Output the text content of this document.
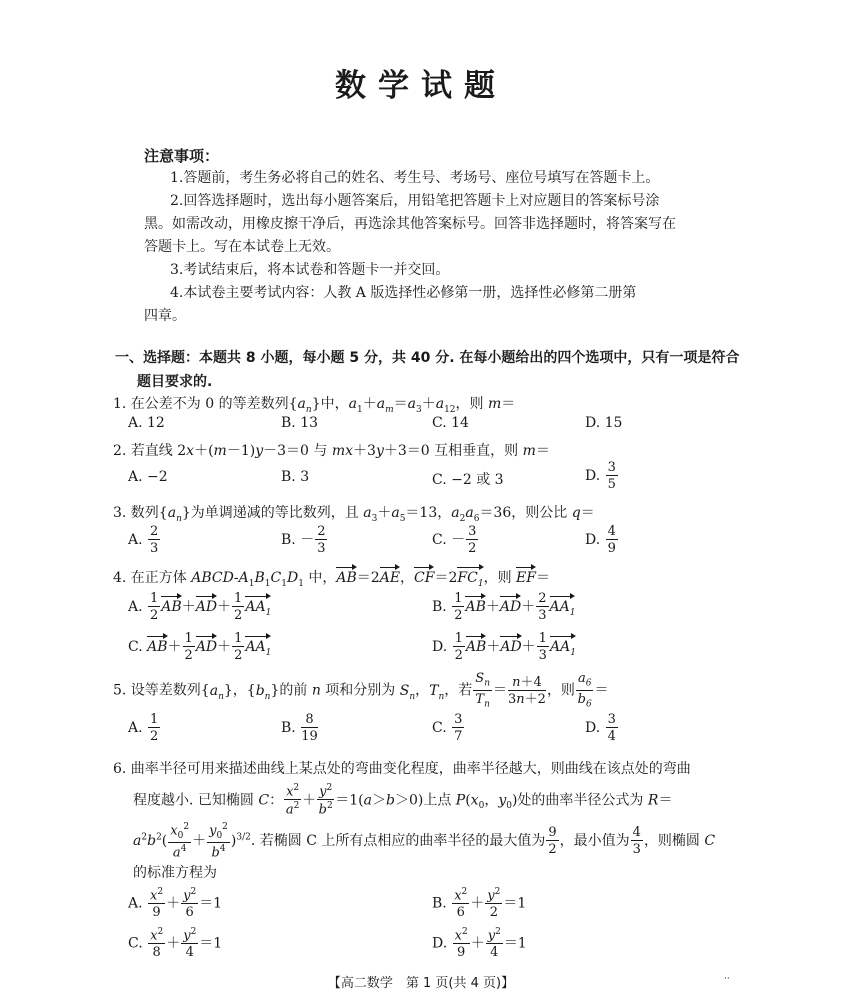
数学试题
注意事项：
1.答题前，考生务必将自己的姓名、考生号、考场号、座位号填写在答题卡上。
2.回答选择题时，选出每小题答案后，用铅笔把答题卡上对应题目的答案标号涂
黑。如需改动，用橡皮擦干净后，再选涂其他答案标号。回答非选择题时，将答案写在
答题卡上。写在本试卷上无效。
3.考试结束后，将本试卷和答题卡一并交回。
4.本试卷主要考试内容：人教 A 版选择性必修第一册，选择性必修第二册第
四章。
一、选择题：本题共 8 小题，每小题 5 分，共 40 分. 在每小题给出的四个选项中，只有一项是符合
题目要求的.
1. 在公差不为 0 的等差数列$\{a_n\}$中，$a_1+a_m=a_3+a_{12}$，则 m＝
A. 12	B. 13	C. 14	D. 15
2. 若直线 2x＋(m－1)y－3＝0 与 mx＋3y＋3＝0 互相垂直，则 m＝
A. −2	B. 3	C. −2 或 3	D. $\frac{3}{5}$
3. 数列$\{a_n\}$为单调递减的等比数列，且 $a_3+a_5=13$，$a_2a_6=36$，则公比 q＝
A. $\frac{2}{3}$	B. － $\frac{2}{3}$	C. － $\frac{3}{2}$	D. $\frac{4}{9}$
4. 在正方体 ABCD-$A_1B_1C_1D_1$ 中，AB＝2AE，$CF=2FC_1$，则 EF＝
A. $\frac{1}{2} AB+AD+ \frac{1}{2} AA_1$	B. $\frac{1}{2} AB+AD+ \frac{2}{3} AA_1$
C. $AB+ \frac{1}{2} AD+ \frac{1}{2} AA_1$	D. $\frac{1}{2} AB+AD+ \frac{1}{3} AA_1$
5. 设等差数列$\{a_n\}$，$\{b_n\}$的前 n 项和分别为 $S_n$，$T_n$，若 $\frac{S_n}{T_n} = \frac{n+4}{3n+2}$ ，则 $\frac{a_6}{b_6}$ ＝
A. $\frac{1}{2}$	B. $\frac{8}{19}$	C. $\frac{3}{7}$	D. $\frac{3}{4}$
6. 曲率半径可用来描述曲线上某点处的弯曲变化程度，曲率半径越大，则曲线在该点处的弯曲
程度越小. 已知椭圆 C： $\frac{x^2}{a^2} + \frac{y^2}{b^2} =1(a>b>0)$上点 $P(x_0$，$y_0$)处的曲率半径公式为 R＝
$a^2b^2( \frac{x_0^2}{a^4} + \frac{y_0^2}{b^4} )^{3/2}$. 若椭圆 C 上所有点相应的曲率半径的最大值为 $\frac{9}{2}$ ，最小值为 $\frac{4}{3}$ ，则椭圆 C
的标准方程为
A. $\frac{x^2}{9} + \frac{y^2}{6} =1$	B. $\frac{x^2}{6} + \frac{y^2}{2} =1$
C. $\frac{x^2}{8} + \frac{y^2}{4} =1$	D. $\frac{x^2}{9} + \frac{y^2}{4} =1$
【高二数学　第 1 页(共 4 页)】	··
